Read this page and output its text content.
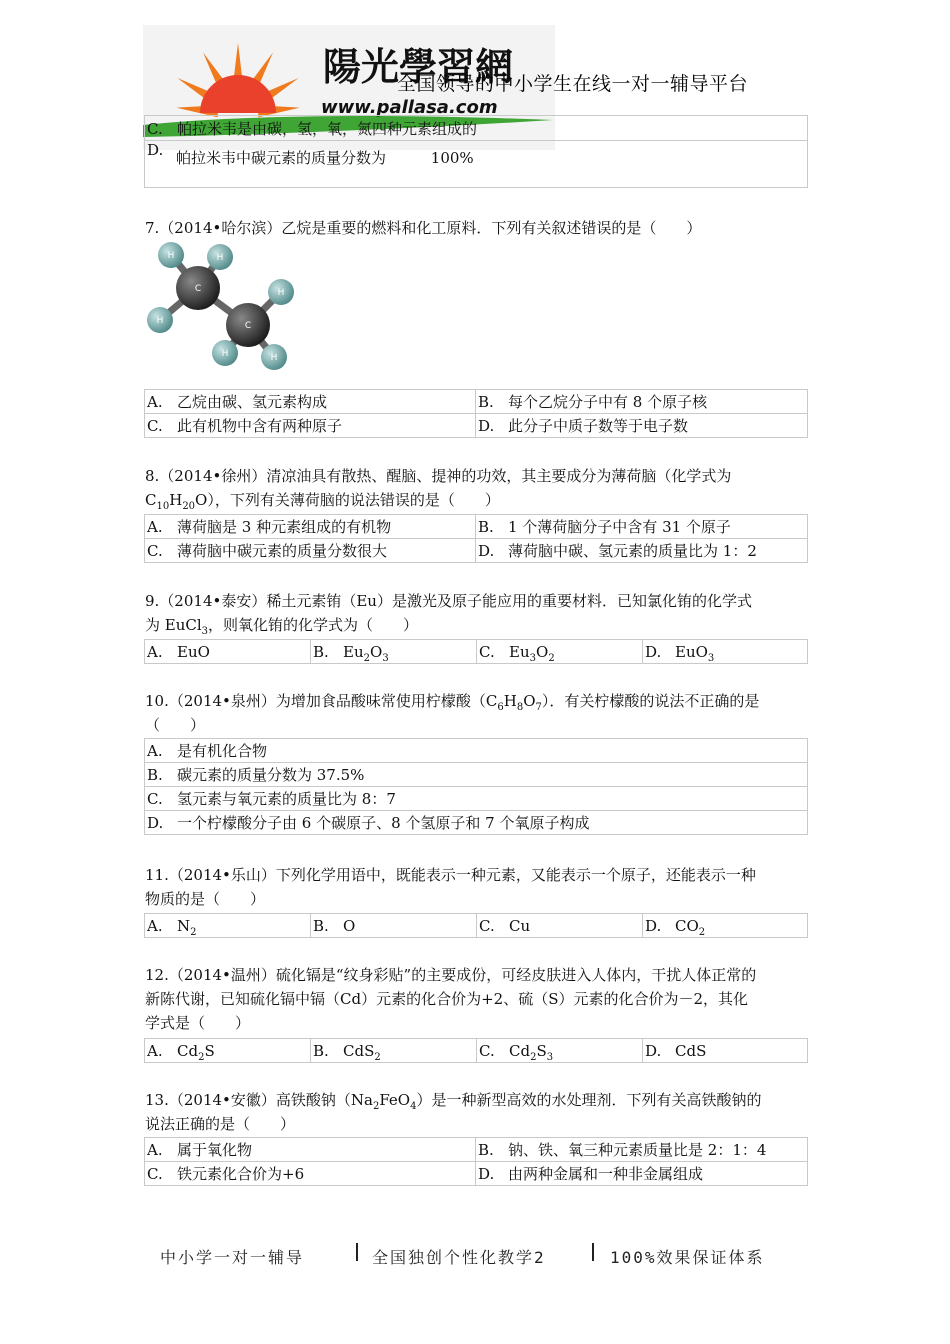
陽光學習網
www.pallasa.com
全国领导的中小学生在线一对一辅导平台
C. 帕拉米韦是由碳，氢，氧，氮四种元素组成的
D. 帕拉米韦中碳元素的质量分数为	100%

7.（2014•哈尔滨）乙烷是重要的燃料和化工原料．下列有关叙述错误的是（　　）

H	H
H
H
H	H
C
C
A. 乙烷由碳、氢元素构成	B. 每个乙烷分子中有 8 个原子核
C. 此有机物中含有两种原子	D. 此分子中质子数等于电子数

8.（2014•徐州）清凉油具有散热、醒脑、提神的功效，其主要成分为薄荷脑（化学式为

$C_{10}H_{20}O$），下列有关薄荷脑的说法错误的是（　　）

A. 薄荷脑是 3 种元素组成的有机物	B. 1 个薄荷脑分子中含有 31 个原子
C. 薄荷脑中碳元素的质量分数很大	D. 薄荷脑中碳、氢元素的质量比为 1：2

9.（2014•泰安）稀土元素铕（Eu）是激光及原子能应用的重要材料．已知氯化铕的化学式

为 EuCl$_3$，则氧化铕的化学式为（　　）

A. EuO	B. $Eu_2O_3$	C. $Eu_3O_2$	D. EuO$_3$

10.（2014•泉州）为增加食品酸味常使用柠檬酸$(C_6H_8O_7)$．有关柠檬酸的说法不正确的是

（　　）

A. 是有机化合物
B. 碳元素的质量分数为 37.5%
C. 氢元素与氧元素的质量比为 8：7
D. 一个柠檬酸分子由 6 个碳原子、8 个氢原子和 7 个氧原子构成

11.（2014•乐山）下列化学用语中，既能表示一种元素，又能表示一个原子，还能表示一种

物质的是（　　）

A. $N_2$	B. O	C. Cu	D. $CO_2$

12.（2014•温州）硫化镉是“纹身彩贴”的主要成份，可经皮肤进入人体内，干扰人体正常的

新陈代谢，已知硫化镉中镉（Cd）元素的化合价为+2、硫（S）元素的化合价为－2，其化

学式是（　　）

A. $Cd_2S$	B. CdS$_2$	C. $Cd_2S_3$	D. CdS

13.（2014•安徽）高铁酸钠$(Na_2FeO_4)$是一种新型高效的水处理剂．下列有关高铁酸钠的

说法正确的是（　　）

A. 属于氧化物	B. 钠、铁、氧三种元素质量比是 2：1：4
C. 铁元素化合价为+6	D. 由两种金属和一种非金属组成
中小学一对一辅导	全国独创个性化教学2	100%效果保证体系
